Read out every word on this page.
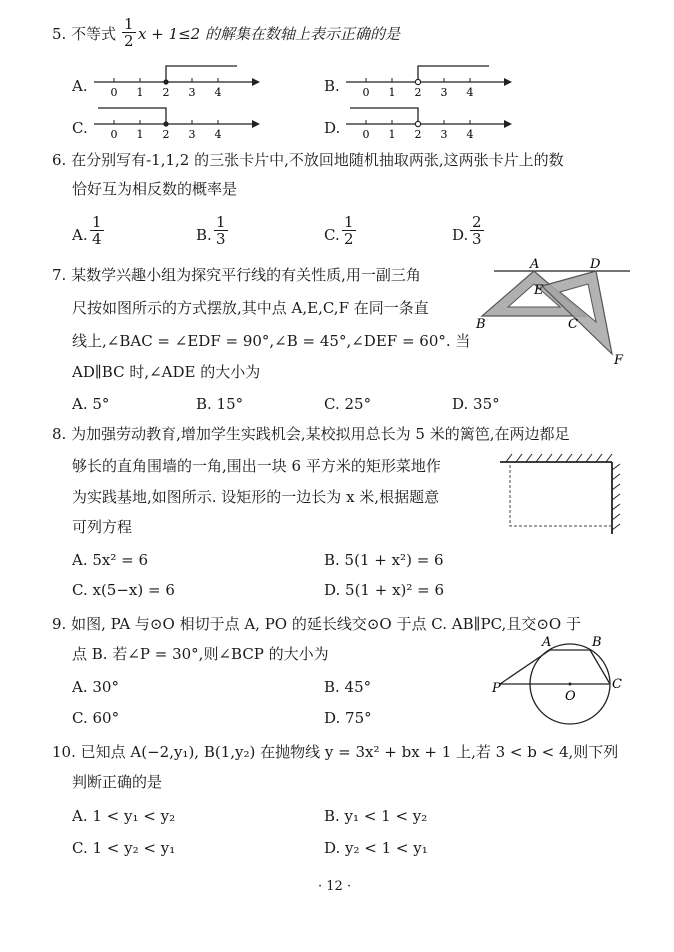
5. 不等式 $\frac{1}{2}$ x + 1≤2 的解集在数轴上表示正确的是
A.	B.
C.	D.
0 1 2 3 4	0 1 2 3 4
0 1 2 3 4	0 1 2 3 4
6. 在分别写有-1,1,2 的三张卡片中,不放回地随机抽取两张,这两张卡片上的数
恰好互为相反数的概率是
A. $\frac{1}{4}$	B. $\frac{1}{3}$	C. $\frac{1}{2}$	D. $\frac{2}{3}$
7. 某数学兴趣小组为探究平行线的有关性质,用一副三角
尺按如图所示的方式摆放,其中点 A,E,C,F 在同一条直
线上,∠BAC = ∠EDF = 90°,∠B = 45°,∠DEF = 60°. 当
AD∥BC 时,∠ADE 的大小为
A. 5°	B. 15°	C. 25°	D. 35°
A	D
E
B	C
F
8. 为加强劳动教育,增加学生实践机会,某校拟用总长为 5 米的篱笆,在两边都足
够长的直角围墙的一角,围出一块 6 平方米的矩形菜地作
为实践基地,如图所示. 设矩形的一边长为 x 米,根据题意
可列方程
A. 5x² = 6	B. 5(1 + x²) = 6
C. x(5−x) = 6	D. 5(1 + x)² = 6
9. 如图, PA 与⊙O 相切于点 A, PO 的延长线交⊙O 于点 C. AB∥PC,且交⊙O 于
点 B. 若∠P = 30°,则∠BCP 的大小为
A. 30°	B. 45°
C. 60°	D. 75°
A	B
P
O
C
10. 已知点 A(−2,y₁), B(1,y₂) 在抛物线 y = 3x² + bx + 1 上,若 3 < b < 4,则下列
判断正确的是
A. 1 < y₁ < y₂	B. y₁ < 1 < y₂
C. 1 < y₂ < y₁	D. y₂ < 1 < y₁
· 12 ·
